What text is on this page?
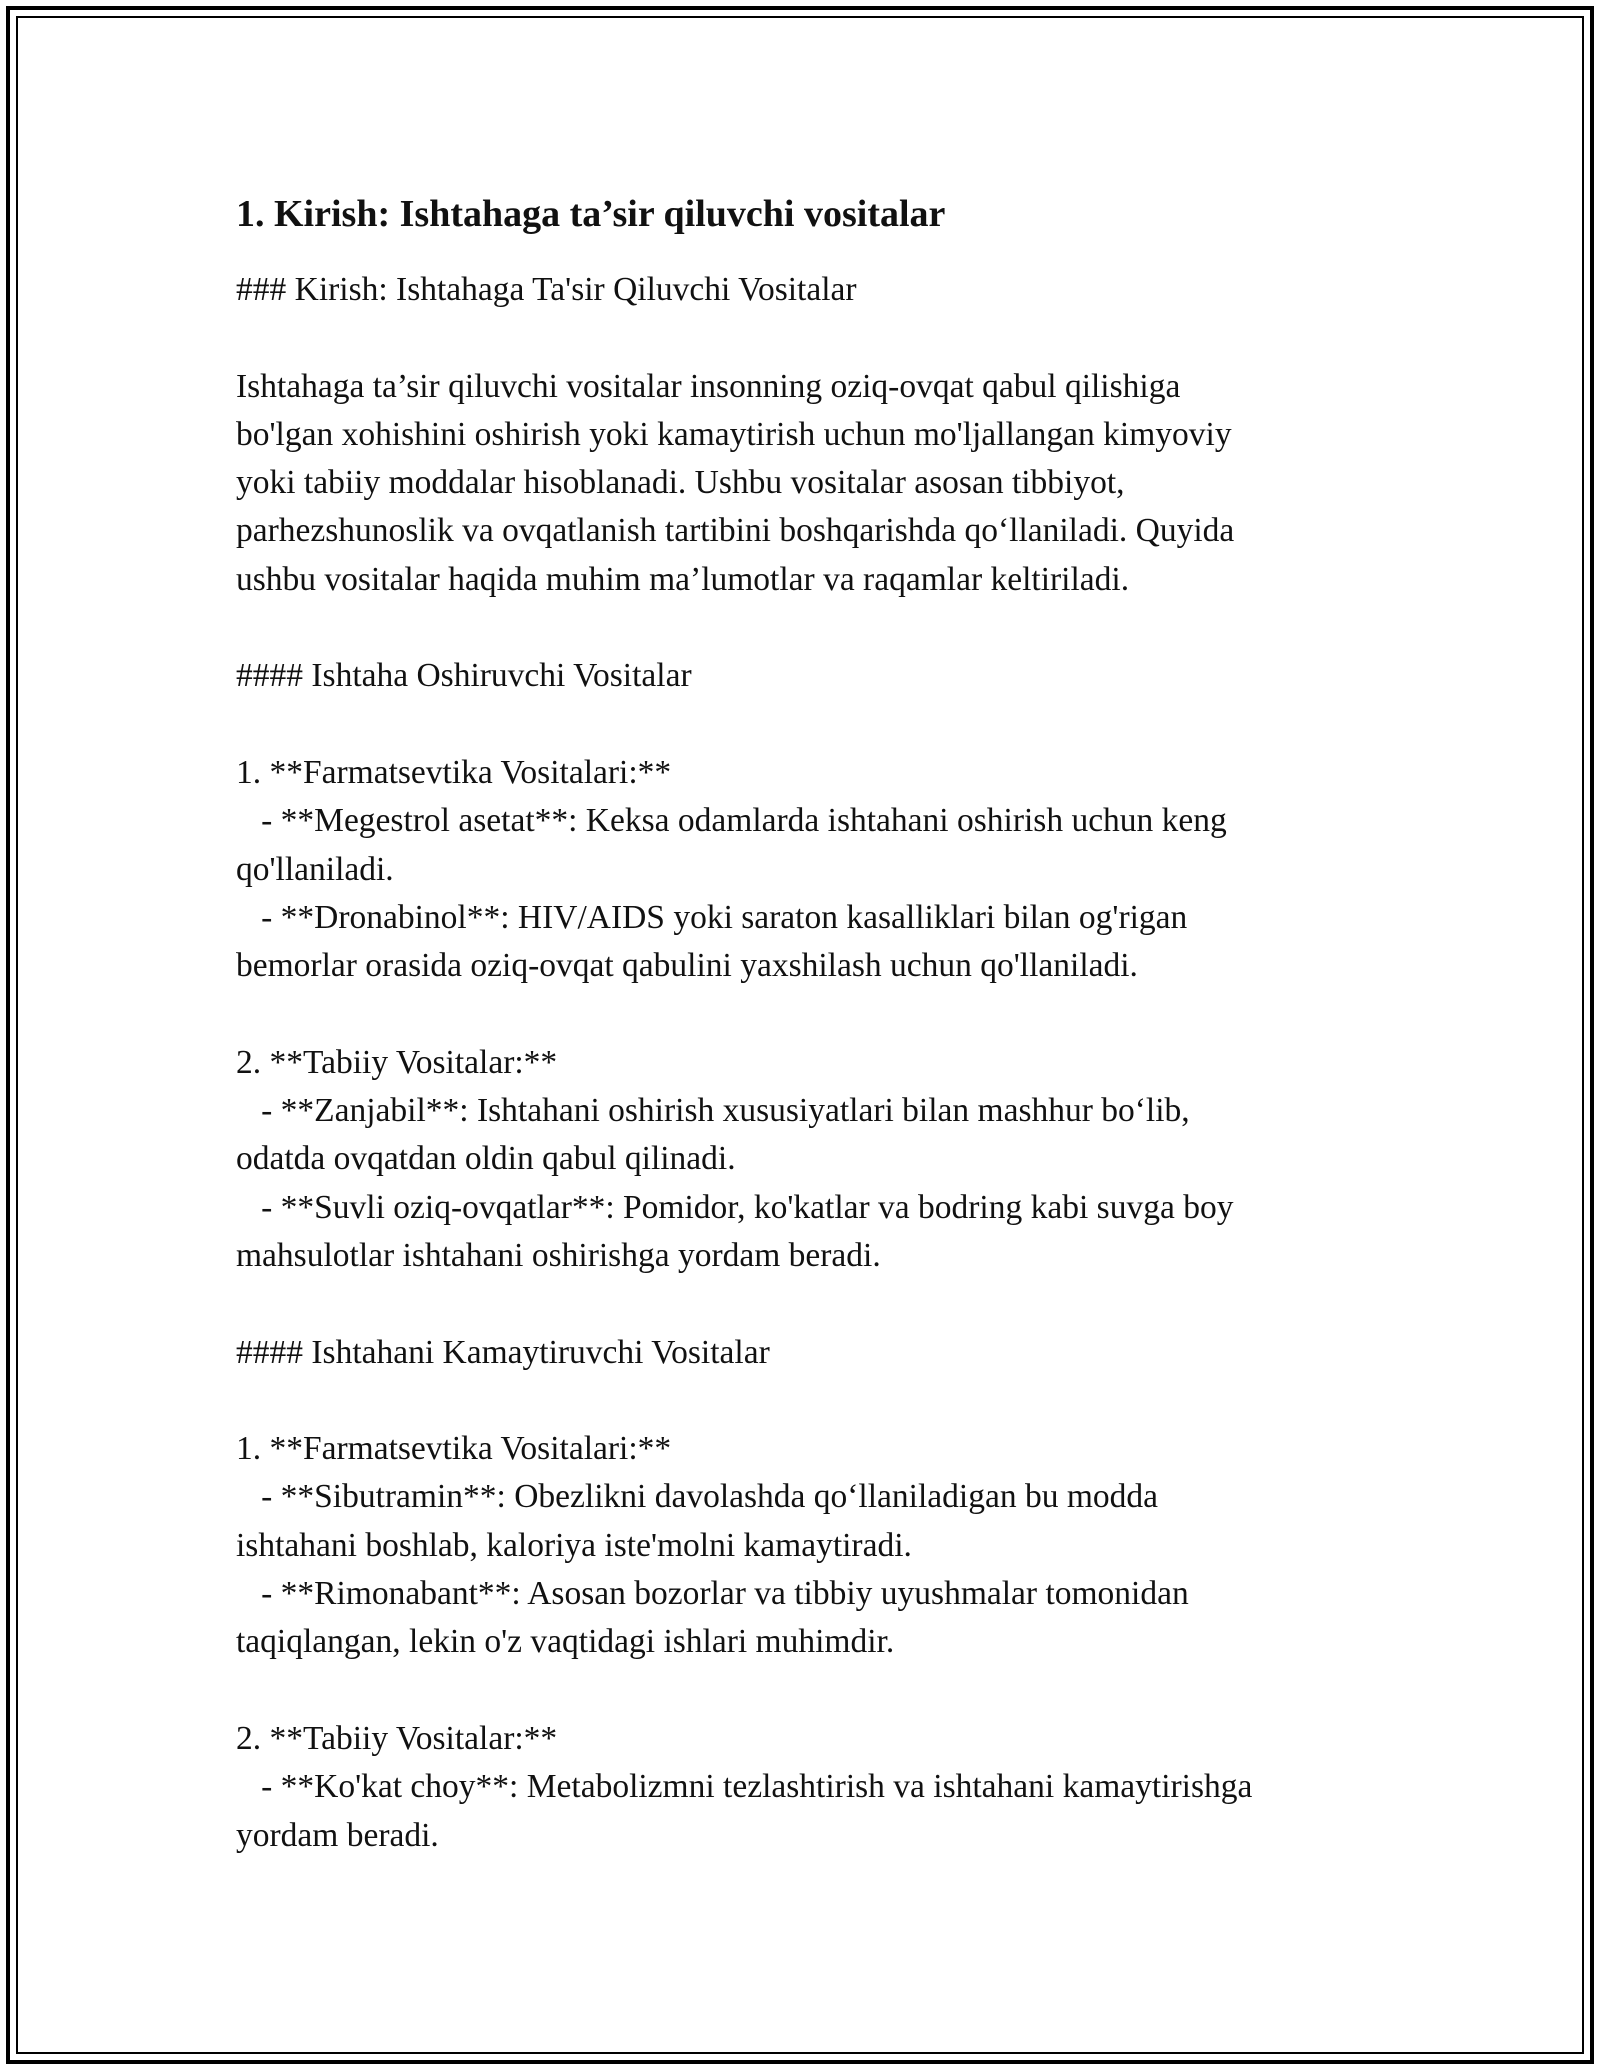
1. Kirish: Ishtahaga ta’sir qiluvchi vositalar
### Kirish: Ishtahaga Ta'sir Qiluvchi Vositalar
Ishtahaga ta’sir qiluvchi vositalar insonning oziq-ovqat qabul qilishiga
bo'lgan xohishini oshirish yoki kamaytirish uchun mo'ljallangan kimyoviy
yoki tabiiy moddalar hisoblanadi. Ushbu vositalar asosan tibbiyot,
parhezshunoslik va ovqatlanish tartibini boshqarishda qo‘llaniladi. Quyida
ushbu vositalar haqida muhim ma’lumotlar va raqamlar keltiriladi.
#### Ishtaha Oshiruvchi Vositalar
1. **Farmatsevtika Vositalari:**
- **Megestrol asetat**: Keksa odamlarda ishtahani oshirish uchun keng
qo'llaniladi.
- **Dronabinol**: HIV/AIDS yoki saraton kasalliklari bilan og'rigan
bemorlar orasida oziq-ovqat qabulini yaxshilash uchun qo'llaniladi.
2. **Tabiiy Vositalar:**
- **Zanjabil**: Ishtahani oshirish xususiyatlari bilan mashhur bo‘lib,
odatda ovqatdan oldin qabul qilinadi.
- **Suvli oziq-ovqatlar**: Pomidor, ko'katlar va bodring kabi suvga boy
mahsulotlar ishtahani oshirishga yordam beradi.
#### Ishtahani Kamaytiruvchi Vositalar
1. **Farmatsevtika Vositalari:**
- **Sibutramin**: Obezlikni davolashda qo‘llaniladigan bu modda
ishtahani boshlab, kaloriya iste'molni kamaytiradi.
- **Rimonabant**: Asosan bozorlar va tibbiy uyushmalar tomonidan
taqiqlangan, lekin o'z vaqtidagi ishlari muhimdir.
2. **Tabiiy Vositalar:**
- **Ko'kat choy**: Metabolizmni tezlashtirish va ishtahani kamaytirishga
yordam beradi.
